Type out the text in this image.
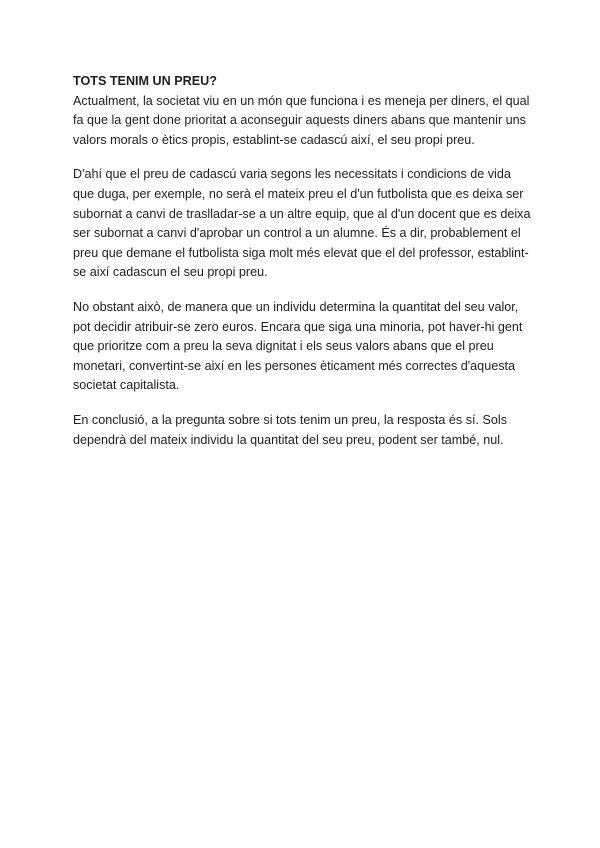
TOTS TENIM UN PREU?

Actualment, la societat viu en un món que funciona i es meneja per diners, el qual fa que la gent done prioritat a aconseguir aquests diners abans que mantenir uns valors morals o ètics propis, establint-se cadascú així, el seu propi preu.

D'ahí que el preu de cadascú varia segons les necessitats i condicions de vida que duga, per exemple, no serà el mateix preu el d'un futbolista que es deixa ser subornat a canvi de traslladar-se a un altre equip, que al d'un docent que es deixa ser subornat a canvi d'aprobar un control a un alumne. És a dir, probablement el preu que demane el futbolista siga molt més elevat que el del professor, establint-se així cadascun el seu propi preu.

No obstant això, de manera que un individu determina la quantitat del seu valor, pot decidir atribuir-se zero euros. Encara que siga una minoria, pot haver-hi gent que prioritze com a preu la seva dignitat i els seus valors abans que el preu monetari, convertint-se així en les persones èticament més correctes d'aquesta societat capitalista.

En conclusió, a la pregunta sobre si tots tenim un preu, la resposta és sí. Sols dependrà del mateix individu la quantitat del seu preu, podent ser també, nul.
